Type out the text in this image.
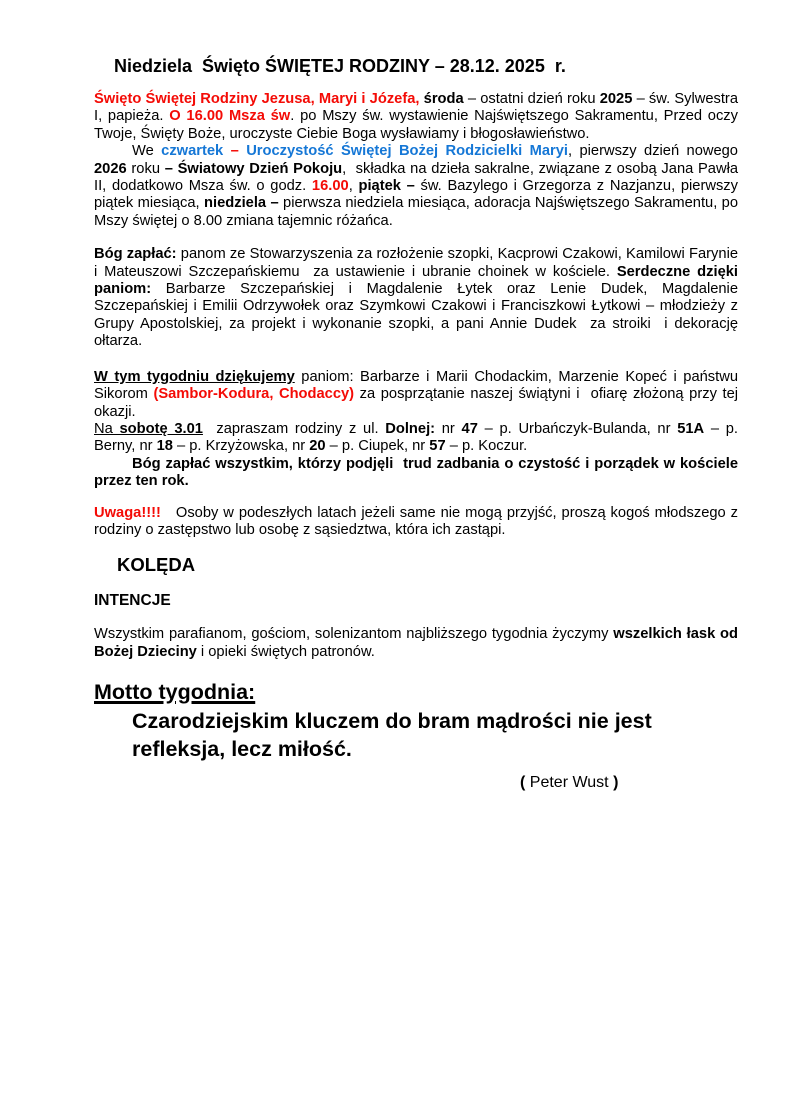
Niedziela  Święto ŚWIĘTEJ RODZINY – 28.12. 2025  r.

Święto Świętej Rodziny Jezusa, Maryi i Józefa, środa – ostatni dzień roku 2025 – św. Sylwestra I, papieża. O 16.00 Msza św. po Mszy św. wystawienie Najświętszego Sakramentu, Przed oczy Twoje, Święty Boże, uroczyste Ciebie Boga wysławiamy i błogosławieństwo.

We czwartek – Uroczystość Świętej Bożej Rodzicielki Maryi, pierwszy dzień nowego 2026 roku – Światowy Dzień Pokoju,  składka na dzieła sakralne, związane z osobą Jana Pawła II, dodatkowo Msza św. o godz. 16.00, piątek – św. Bazylego i Grzegorza z Nazjanzu, pierwszy piątek miesiąca, niedziela – pierwsza niedziela miesiąca, adoracja Najświętszego Sakramentu, po Mszy świętej o 8.00 zmiana tajemnic różańca.

Bóg zapłać: panom ze Stowarzyszenia za rozłożenie szopki, Kacprowi Czakowi, Kamilowi Farynie i Mateuszowi Szczepańskiemu  za ustawienie i ubranie choinek w kościele. Serdeczne dzięki paniom: Barbarze Szczepańskiej i Magdalenie Łytek oraz Lenie Dudek, Magdalenie Szczepańskiej i Emilii Odrzywołek oraz Szymkowi Czakowi i Franciszkowi Łytkowi – młodzieży z Grupy Apostolskiej, za projekt i wykonanie szopki, a pani Annie Dudek  za stroiki  i dekorację ołtarza.

W tym tygodniu dziękujemy paniom: Barbarze i Marii Chodackim, Marzenie Kopeć i państwu Sikorom (Sambor-Kodura, Chodaccy) za posprzątanie naszej świątyni i  ofiarę złożoną przy tej okazji.

Na sobotę 3.01  zapraszam rodziny z ul. Dolnej: nr 47 – p. Urbańczyk-Bulanda, nr 51A – p. Berny, nr 18 – p. Krzyżowska, nr 20 – p. Ciupek, nr 57 – p. Koczur.

Bóg zapłać wszystkim, którzy podjęli  trud zadbania o czystość i porządek w kościele przez ten rok.

Uwaga!!!! Osoby w podeszłych latach jeżeli same nie mogą przyjść, proszą kogoś młodszego z rodziny o zastępstwo lub osobę z sąsiedztwa, która ich zastąpi.

KOLĘDA
INTENCJE

Wszystkim parafianom, gościom, solenizantom najbliższego tygodnia życzymy wszelkich łask od Bożej Dzieciny i opieki świętych patronów.

Motto tygodnia:

Czarodziejskim kluczem do bram mądrości nie jest refleksja, lecz miłość.

( Peter Wust )
